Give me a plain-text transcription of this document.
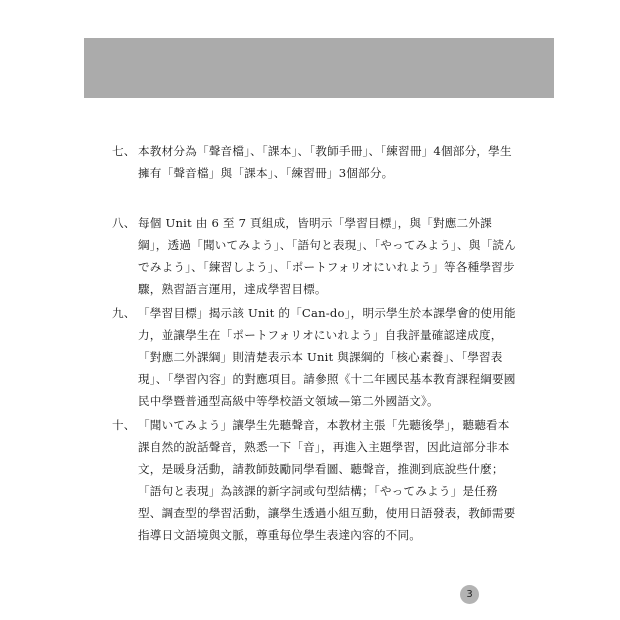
七、 本教材分為「聲音檔」、「課本」、「教師手冊」、「練習冊」4個部分，學生擁有「聲音檔」與「課本」、「練習冊」3個部分。
八、 每個 Unit 由 6 至 7 頁組成，皆明示「學習目標」，與「對應二外課綱」，透過「聞いてみよう」、「語句と表現」、「やってみよう」、與「読んでみよう」、「練習しよう」、「ポートフォリオにいれよう」等各種學習步驟，熟習語言運用，達成學習目標。
九、 「學習目標」揭示該 Unit 的「Can-do」，明示學生於本課學會的使用能力，並讓學生在「ポートフォリオにいれよう」自我評量確認達成度，「對應二外課綱」則清楚表示本 Unit 與課綱的「核心素養」、「學習表現」、「學習內容」的對應項目。請參照《十二年國民基本教育課程綱要國民中學暨普通型高級中等學校語文領域—第二外國語文》。
十、 「聞いてみよう」讓學生先聽聲音，本教材主張「先聽後學」，聽聽看本課自然的說話聲音，熟悉一下「音」，再進入主題學習，因此這部分非本文，是暖身活動，請教師鼓勵同學看圖、聽聲音，推測到底說些什麼；「語句と表現」為該課的新字詞或句型結構；「やってみよう」是任務型、調查型的學習活動，讓學生透過小組互動，使用日語發表，教師需要指導日文語境與文脈，尊重每位學生表達內容的不同。
3
